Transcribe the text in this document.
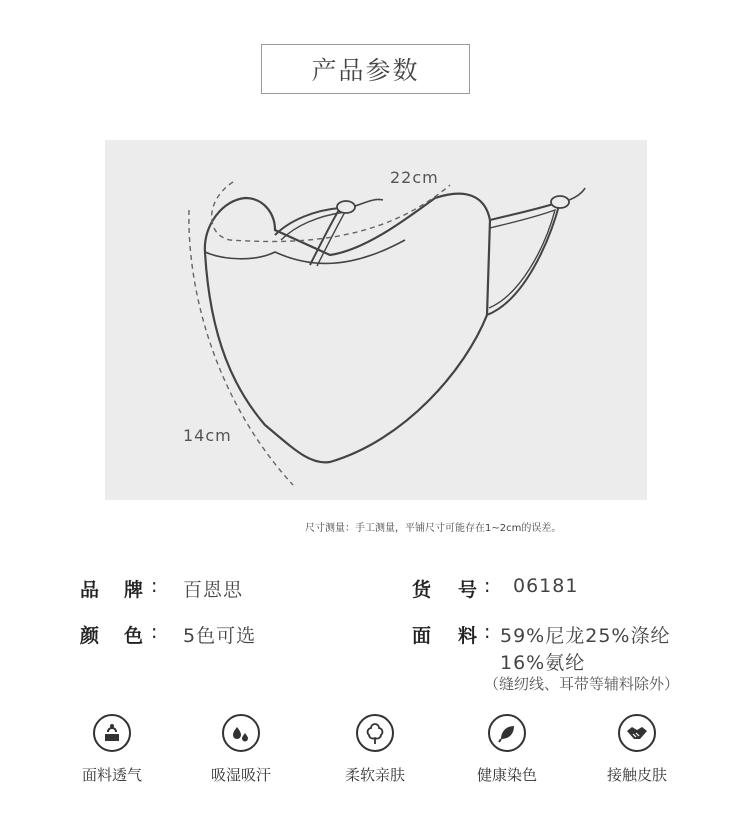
产品参数
22cm
14cm
尺寸测量：手工测量，平铺尺寸可能存在1~2cm的误差。
品 牌 : 百恩思	货 号 : 06181
颜 色 : 5色可选	面 料 : 59%尼龙25%涤纶
16%氨纶
（缝纫线、耳带等辅料除外）
面料透气	吸湿吸汗	柔软亲肤	健康染色	接触皮肤
